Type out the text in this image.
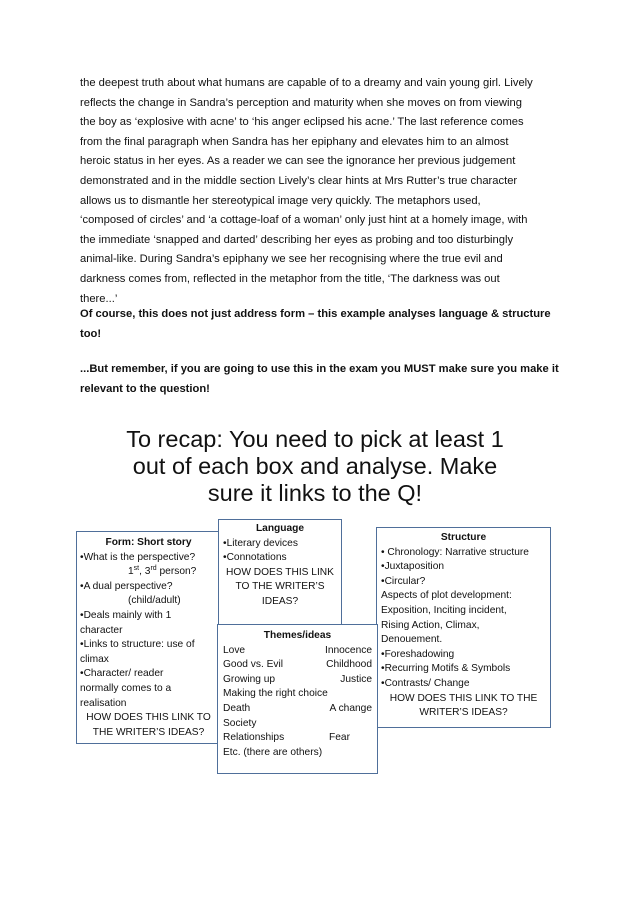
the deepest truth about what humans are capable of to a dreamy and vain young girl. Lively

reflects the change in Sandra’s perception and maturity when she moves on from viewing

the boy as ‘explosive with acne’ to ‘his anger eclipsed his acne.’ The last reference comes

from the final paragraph when Sandra has her epiphany and elevates him to an almost

heroic status in her eyes. As a reader we can see the ignorance her previous judgement

demonstrated and in the middle section Lively’s clear hints at Mrs Rutter’s true character

allows us to dismantle her stereotypical image very quickly. The metaphors used,

‘composed of circles’ and ‘a cottage-loaf of a woman’ only just hint at a homely image, with

the immediate ‘snapped and darted’ describing her eyes as probing and too disturbingly

animal-like. During Sandra’s epiphany we see her recognising where the true evil and

darkness comes from, reflected in the metaphor from the title, ‘The darkness was out

there...’

Of course, this does not just address form – this example analyses language & structure

too!

...But remember, if you are going to use this in the exam you MUST make sure you make it

relevant to the question!

To recap: You need to pick at least 1
out of each box and analyse. Make
sure it links to the Q!
Form: Short story
•What is the perspective?
1st, 3rd person?
•A dual perspective?
(child/adult)
•Deals mainly with 1
character
•Links to structure: use of
climax
•Character/ reader
normally comes to a
realisation
HOW DOES THIS LINK TO
THE WRITER’S IDEAS?
Language
•Literary devices
•Connotations
HOW DOES THIS LINK
TO THE WRITER’S
IDEAS?
Structure
• Chronology: Narrative structure
•Juxtaposition
•Circular?
Aspects of plot development:
Exposition, Inciting incident,
Rising Action, Climax,
Denouement.
•Foreshadowing
•Recurring Motifs & Symbols
•Contrasts/ Change
HOW DOES THIS LINK TO THE
WRITER’S IDEAS?
Themes/ideas
Love	Innocence
Good vs. Evil	Childhood
Growing up	Justice
Making the right choice
Death	A change
Society
Relationships	Fear
Etc. (there are others)
